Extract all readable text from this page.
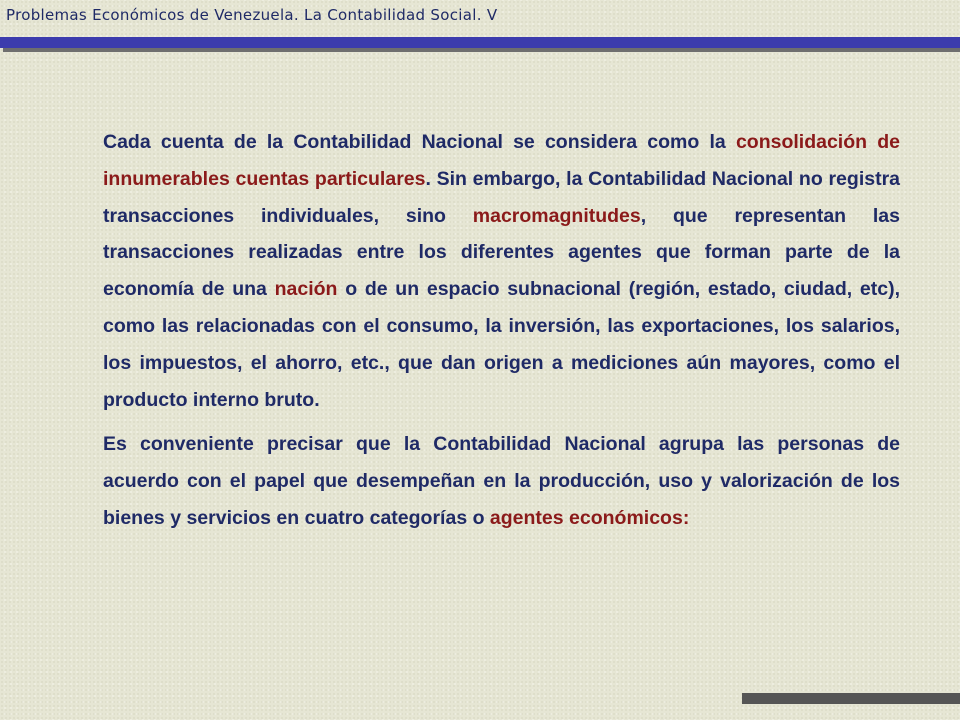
Problemas Económicos de Venezuela. La Contabilidad Social. V

Cada cuenta de la Contabilidad Nacional se considera como la consolidación de innumerables cuentas particulares. Sin embargo, la Contabilidad Nacional no registra transacciones individuales, sino macromagnitudes, que representan las transacciones realizadas entre los diferentes agentes que forman parte de la economía de una nación o de un espacio subnacional (región, estado, ciudad, etc), como las relacionadas con el consumo, la inversión, las exportaciones, los salarios, los impuestos, el ahorro, etc., que dan origen a mediciones aún mayores, como el producto interno bruto.

Es conveniente precisar que la Contabilidad Nacional agrupa las personas de acuerdo con el papel que desempeñan en la producción, uso y valorización de los bienes y servicios en cuatro categorías o agentes económicos:
